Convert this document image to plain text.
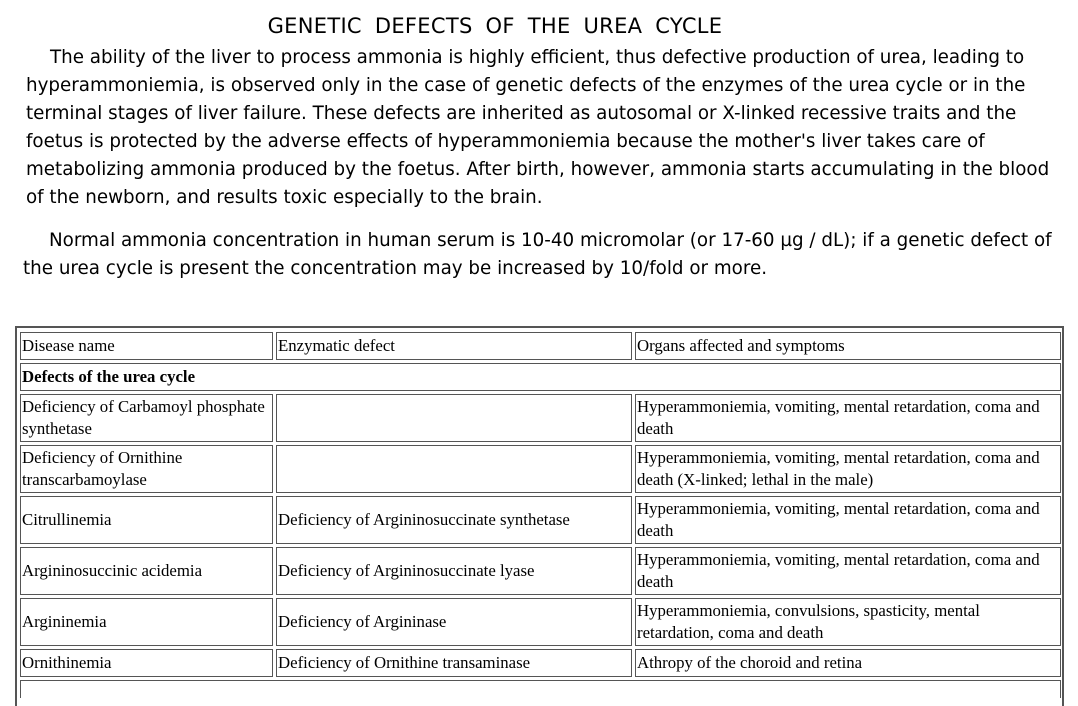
GENETIC DEFECTS OF THE UREA CYCLE

The ability of the liver to process ammonia is highly efficient, thus defective production of urea, leading to hyperammoniemia, is observed only in the case of genetic defects of the enzymes of the urea cycle or in the terminal stages of liver failure. These defects are inherited as autosomal or X-linked recessive traits and the foetus is protected by the adverse effects of hyperammoniemia because the mother's liver takes care of metabolizing ammonia produced by the foetus. After birth, however, ammonia starts accumulating in the blood of the newborn, and results toxic especially to the brain.

Normal ammonia concentration in human serum is 10-40 micromolar (or 17-60 µg / dL); if a genetic defect of the urea cycle is present the concentration may be increased by 10/fold or more.

Disease name	Enzymatic defect	Organs affected and symptoms
Defects of the urea cycle		
Deficiency of Carbamoyl phosphate synthetase		Hyperammoniemia, vomiting, mental retardation, coma and death
Deficiency of Ornithine transcarbamoylase		Hyperammoniemia, vomiting, mental retardation, coma and death (X-linked; lethal in the male)
Citrullinemia	Deficiency of Argininosuccinate synthetase	Hyperammoniemia, vomiting, mental retardation, coma and death
Argininosuccinic acidemia	Deficiency of Argininosuccinate lyase	Hyperammoniemia, vomiting, mental retardation, coma and death
Argininemia	Deficiency of Argininase	Hyperammoniemia, convulsions, spasticity, mental retardation, coma and death
Ornithinemia	Deficiency of Ornithine transaminase	Athropy of the choroid and retina
